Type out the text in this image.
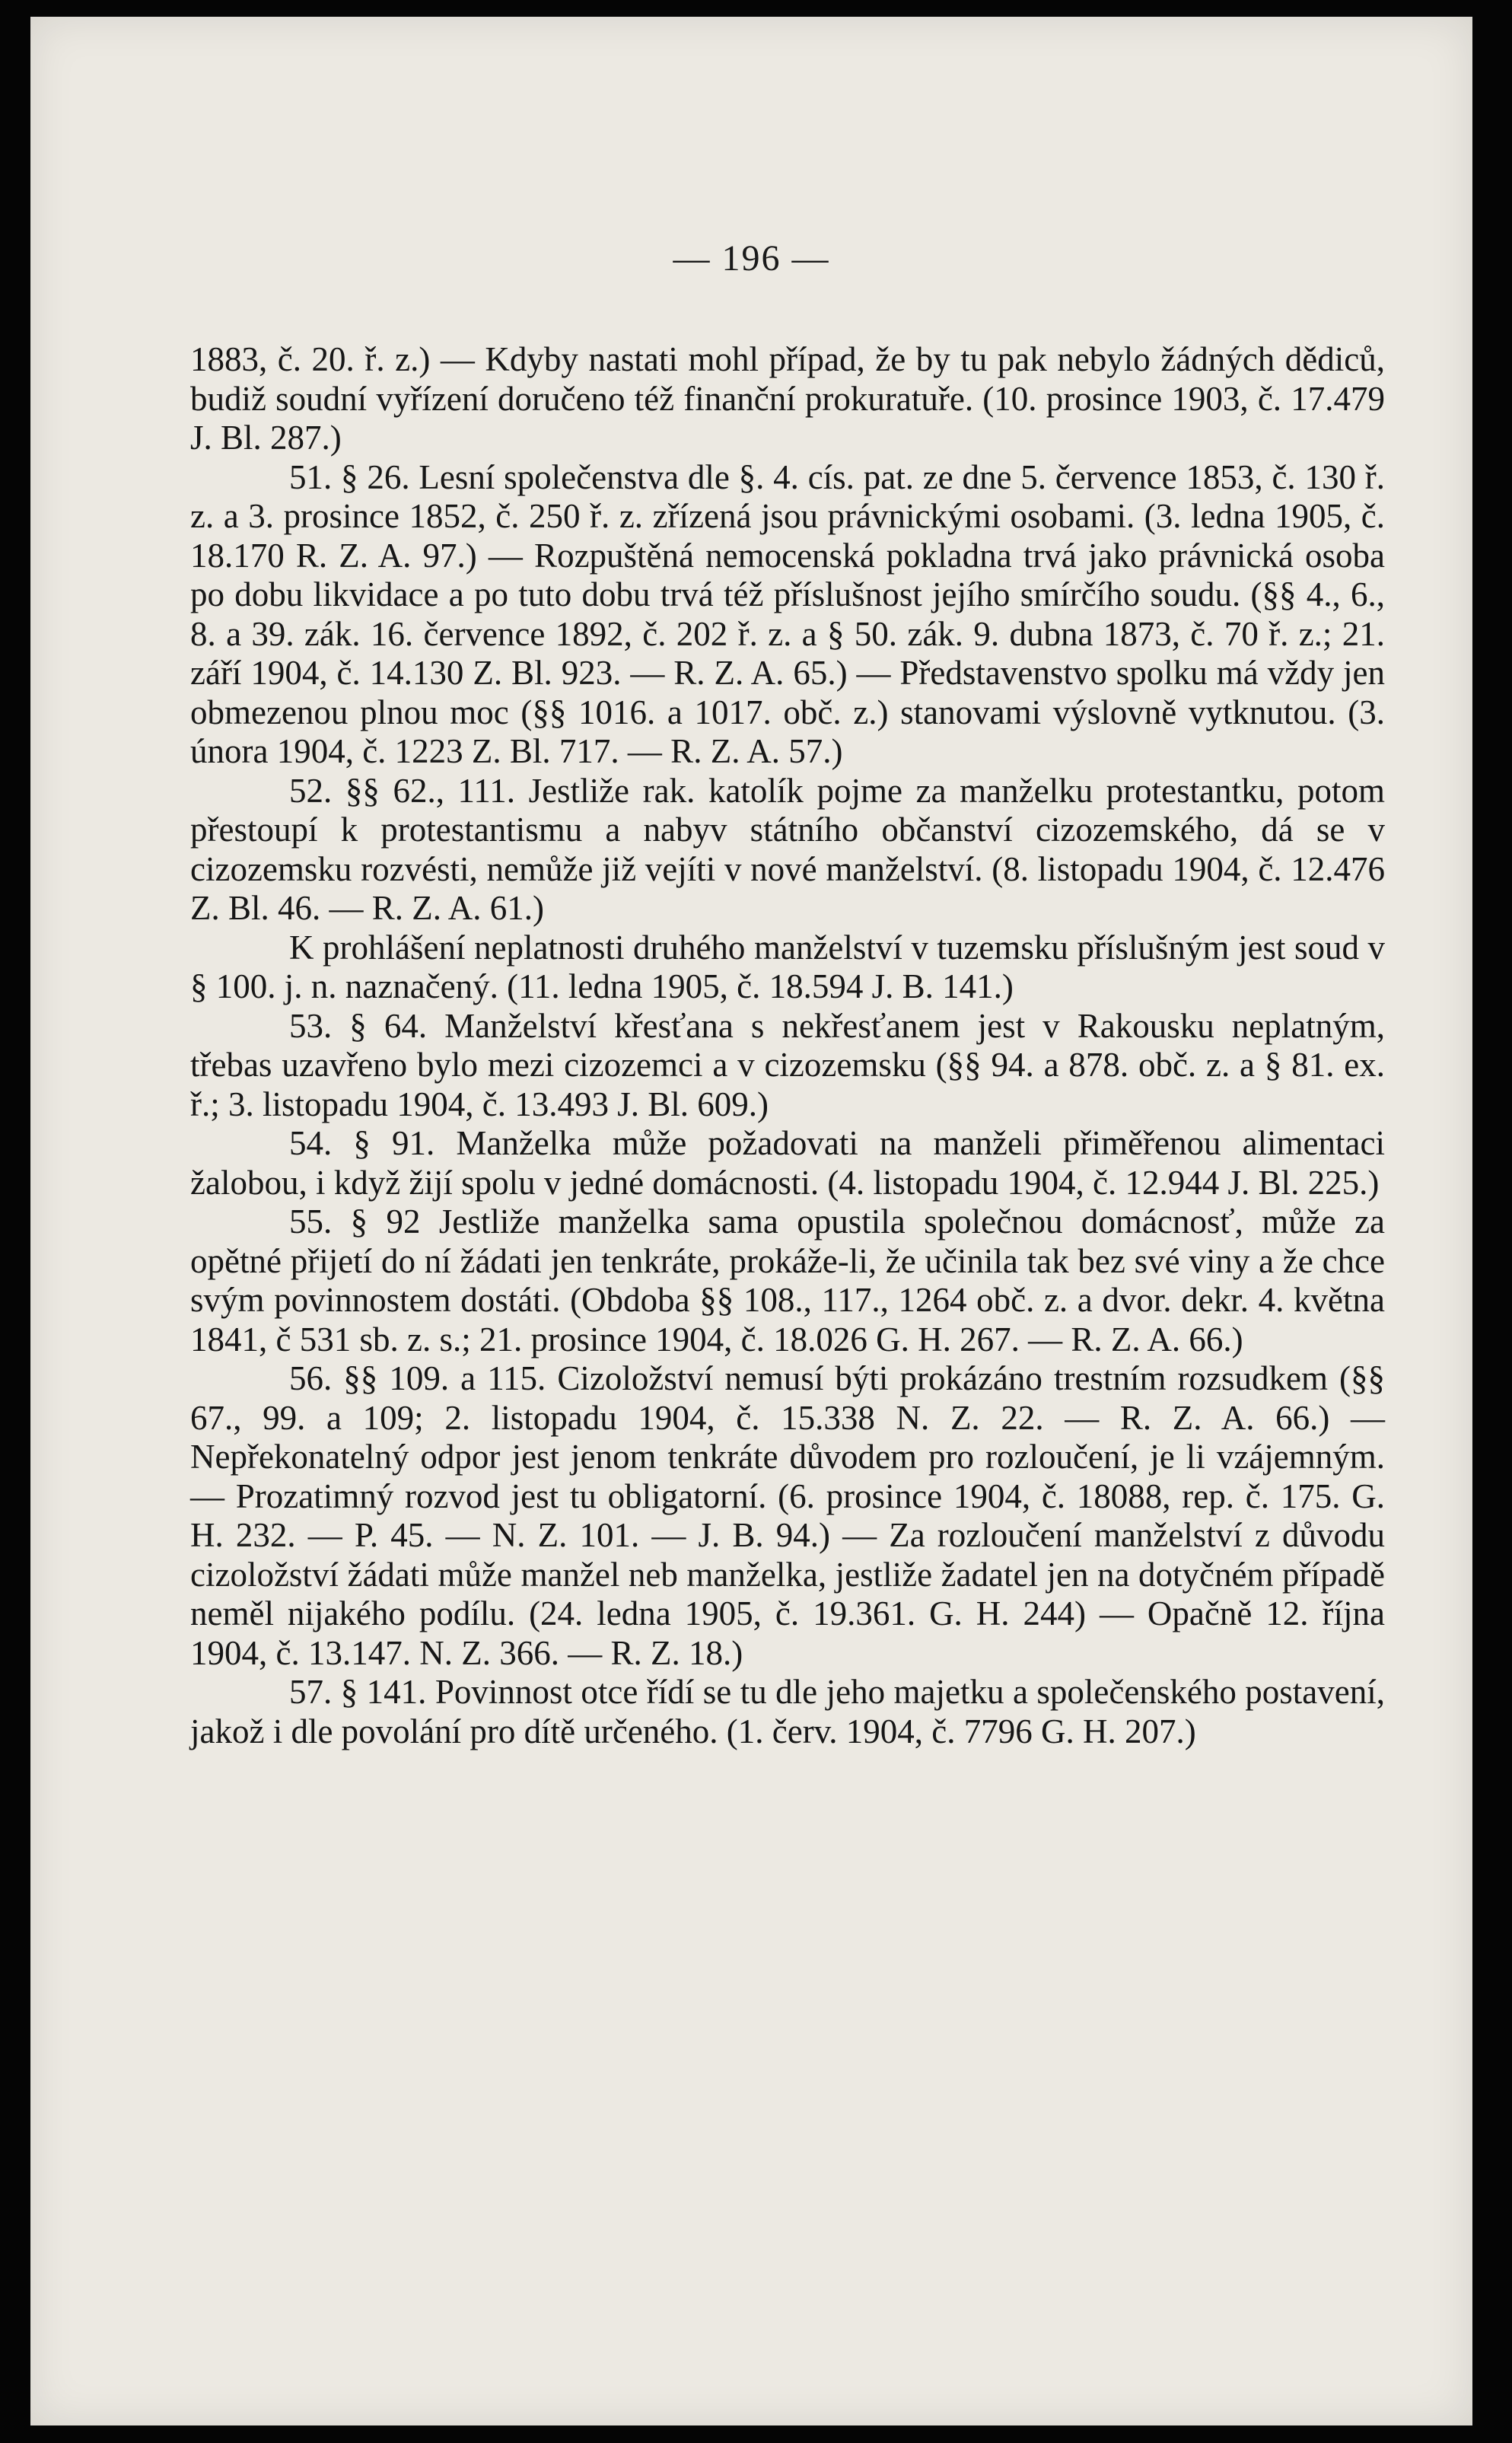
— 196 —

1883, č. 20. ř. z.) — Kdyby nastati mohl případ, že by tu pak nebylo žádných dědiců, budiž soudní vyřízení doručeno též finanční prokuratuře. (10. prosince 1903, č. 17.479 J. Bl. 287.)

51. § 26. Lesní společenstva dle §. 4. cís. pat. ze dne 5. července 1853, č. 130 ř. z. a 3. prosince 1852, č. 250 ř. z. zřízená jsou právnickými osobami. (3. ledna 1905, č. 18.170 R. Z. A. 97.) — Rozpuštěná nemocenská pokladna trvá jako právnická osoba po dobu likvidace a po tuto dobu trvá též příslušnost jejího smírčího soudu. (§§ 4., 6., 8. a 39. zák. 16. července 1892, č. 202 ř. z. a § 50. zák. 9. dubna 1873, č. 70 ř. z.; 21. září 1904, č. 14.130 Z. Bl. 923. — R. Z. A. 65.) — Představenstvo spolku má vždy jen obmezenou plnou moc (§§ 1016. a 1017. obč. z.) stanovami výslovně vytknutou. (3. února 1904, č. 1223 Z. Bl. 717. — R. Z. A. 57.)

52. §§ 62., 111. Jestliže rak. katolík pojme za manželku protestantku, potom přestoupí k protestantismu a nabyv státního občanství cizozemského, dá se v cizozemsku rozvésti, nemůže již vejíti v nové manželství. (8. listopadu 1904, č. 12.476 Z. Bl. 46. — R. Z. A. 61.)

K prohlášení neplatnosti druhého manželství v tuzemsku příslušným jest soud v § 100. j. n. naznačený. (11. ledna 1905, č. 18.594 J. B. 141.)

53. § 64. Manželství křesťana s nekřesťanem jest v Rakousku neplatným, třebas uzavřeno bylo mezi cizozemci a v cizozemsku (§§ 94. a 878. obč. z. a § 81. ex. ř.; 3. listopadu 1904, č. 13.493 J. Bl. 609.)

54. § 91. Manželka může požadovati na manželi přiměřenou alimentaci žalobou, i když žijí spolu v jedné domácnosti. (4. listopadu 1904, č. 12.944 J. Bl. 225.)

55. § 92 Jestliže manželka sama opustila společnou domácnosť, může za opětné přijetí do ní žádati jen tenkráte, prokáže-li, že učinila tak bez své viny a že chce svým povinnostem dostáti. (Obdoba §§ 108., 117., 1264 obč. z. a dvor. dekr. 4. května 1841, č 531 sb. z. s.; 21. prosince 1904, č. 18.026 G. H. 267. — R. Z. A. 66.)

56. §§ 109. a 115. Cizoložství nemusí býti prokázáno trestním rozsudkem (§§ 67., 99. a 109; 2. listopadu 1904, č. 15.338 N. Z. 22. — R. Z. A. 66.) — Nepřekonatelný odpor jest jenom tenkráte důvodem pro rozloučení, je li vzájemným. — Prozatimný rozvod jest tu obligatorní. (6. prosince 1904, č. 18088, rep. č. 175. G. H. 232. — P. 45. — N. Z. 101. — J. B. 94.) — Za rozloučení manželství z důvodu cizoložství žádati může manžel neb manželka, jestliže žadatel jen na dotyčném případě neměl nijakého podílu. (24. ledna 1905, č. 19.361. G. H. 244) — Opačně 12. října 1904, č. 13.147. N. Z. 366. — R. Z. 18.)

57. § 141. Povinnost otce řídí se tu dle jeho majetku a společenského postavení, jakož i dle povolání pro dítě určeného. (1. červ. 1904, č. 7796 G. H. 207.)
